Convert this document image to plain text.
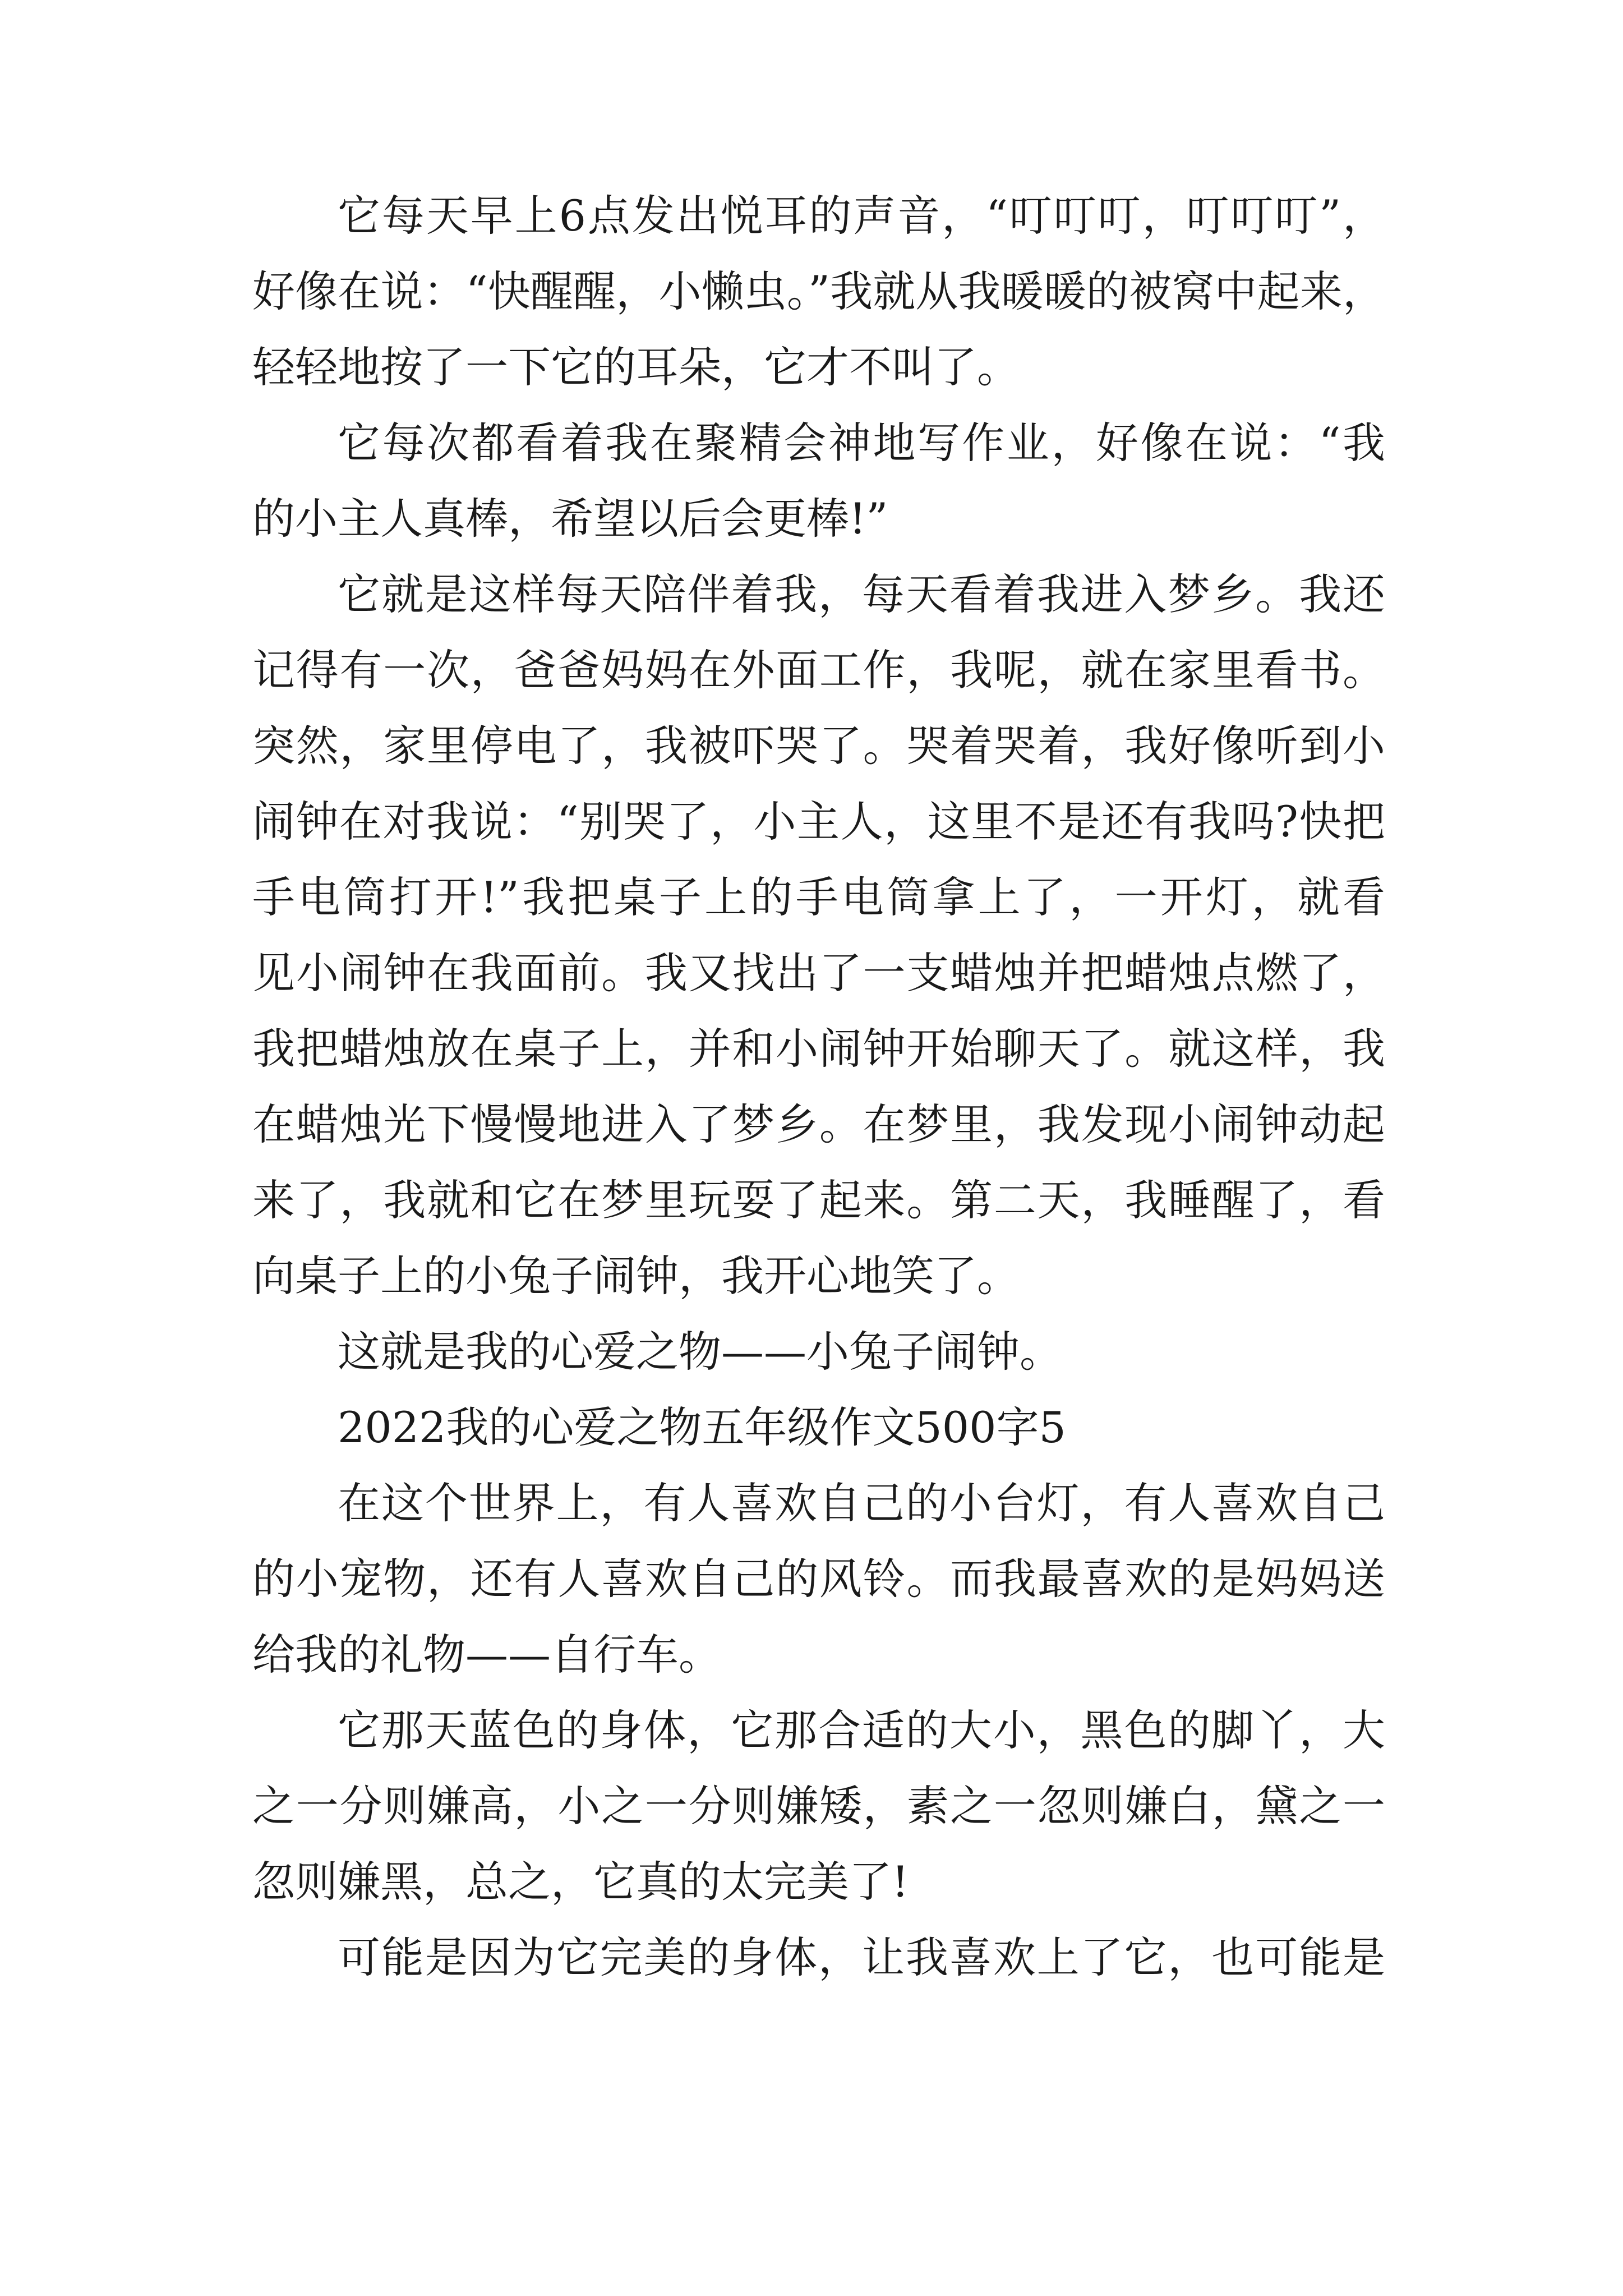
它每天早上6点发出悦耳的声音，“叮叮叮，叮叮叮”，
好像在说：“快醒醒，小懒虫。”我就从我暖暖的被窝中起来，
轻轻地按了一下它的耳朵，它才不叫了。
它每次都看着我在聚精会神地写作业，好像在说：“我
的小主人真棒，希望以后会更棒!”
它就是这样每天陪伴着我，每天看着我进入梦乡。我还
记得有一次，爸爸妈妈在外面工作，我呢，就在家里看书。
突然，家里停电了，我被吓哭了。哭着哭着，我好像听到小
闹钟在对我说：“别哭了，小主人，这里不是还有我吗?快把
手电筒打开!”我把桌子上的手电筒拿上了，一开灯，就看
见小闹钟在我面前。我又找出了一支蜡烛并把蜡烛点燃了，
我把蜡烛放在桌子上，并和小闹钟开始聊天了。就这样，我
在蜡烛光下慢慢地进入了梦乡。在梦里，我发现小闹钟动起
来了，我就和它在梦里玩耍了起来。第二天，我睡醒了，看
向桌子上的小兔子闹钟，我开心地笑了。
这就是我的心爱之物——小兔子闹钟。
2022我的心爱之物五年级作文500字5
在这个世界上，有人喜欢自己的小台灯，有人喜欢自己
的小宠物，还有人喜欢自己的风铃。而我最喜欢的是妈妈送
给我的礼物——自行车。
它那天蓝色的身体，它那合适的大小，黑色的脚丫，大
之一分则嫌高，小之一分则嫌矮，素之一忽则嫌白，黛之一
忽则嫌黑，总之，它真的太完美了!
可能是因为它完美的身体，让我喜欢上了它，也可能是
